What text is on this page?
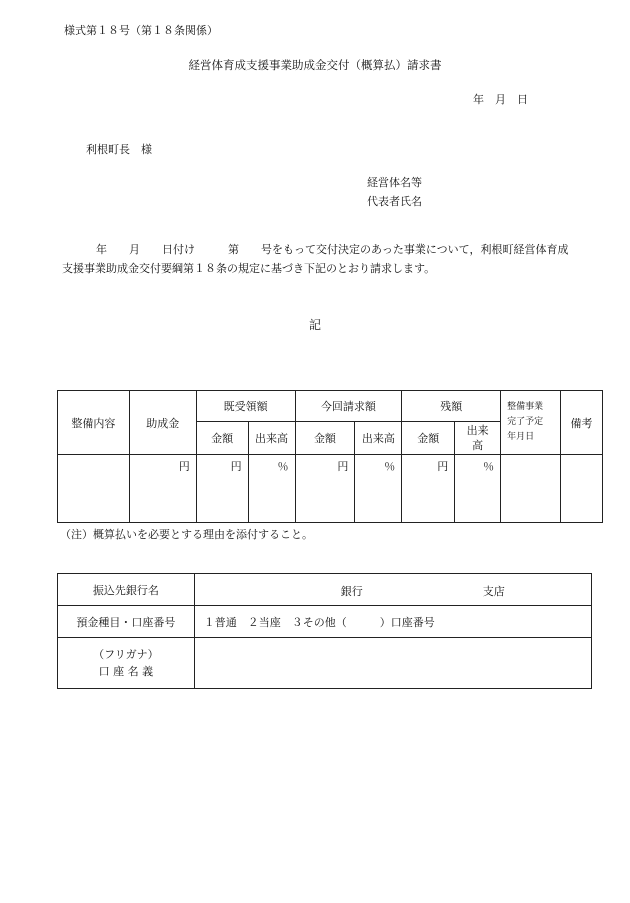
様式第１８号（第１８条関係）
経営体育成支援事業助成金交付（概算払）請求書
年　月　日
利根町長　様
経営体名等
代表者氏名
年　　月　　日付け　　　第　　号をもって交付決定のあった事業について，利根町経営体育成
支援事業助成金交付要綱第１８条の規定に基づき下記のとおり請求します。
記
整備内容	助成金	既受領額		今回請求額		残額		整備事業
完了予定
年月日	備考
		金額	出来高	金額	出来高	金額	出来高		
	円	円	％	円	％	円	％		
（注）概算払いを必要とする理由を添付すること。
振込先銀行名	銀行 支店

預金種目・口座番号	１普通　２当座　３その他（　　　）口座番号

（フリガナ）
口 座 名 義	
